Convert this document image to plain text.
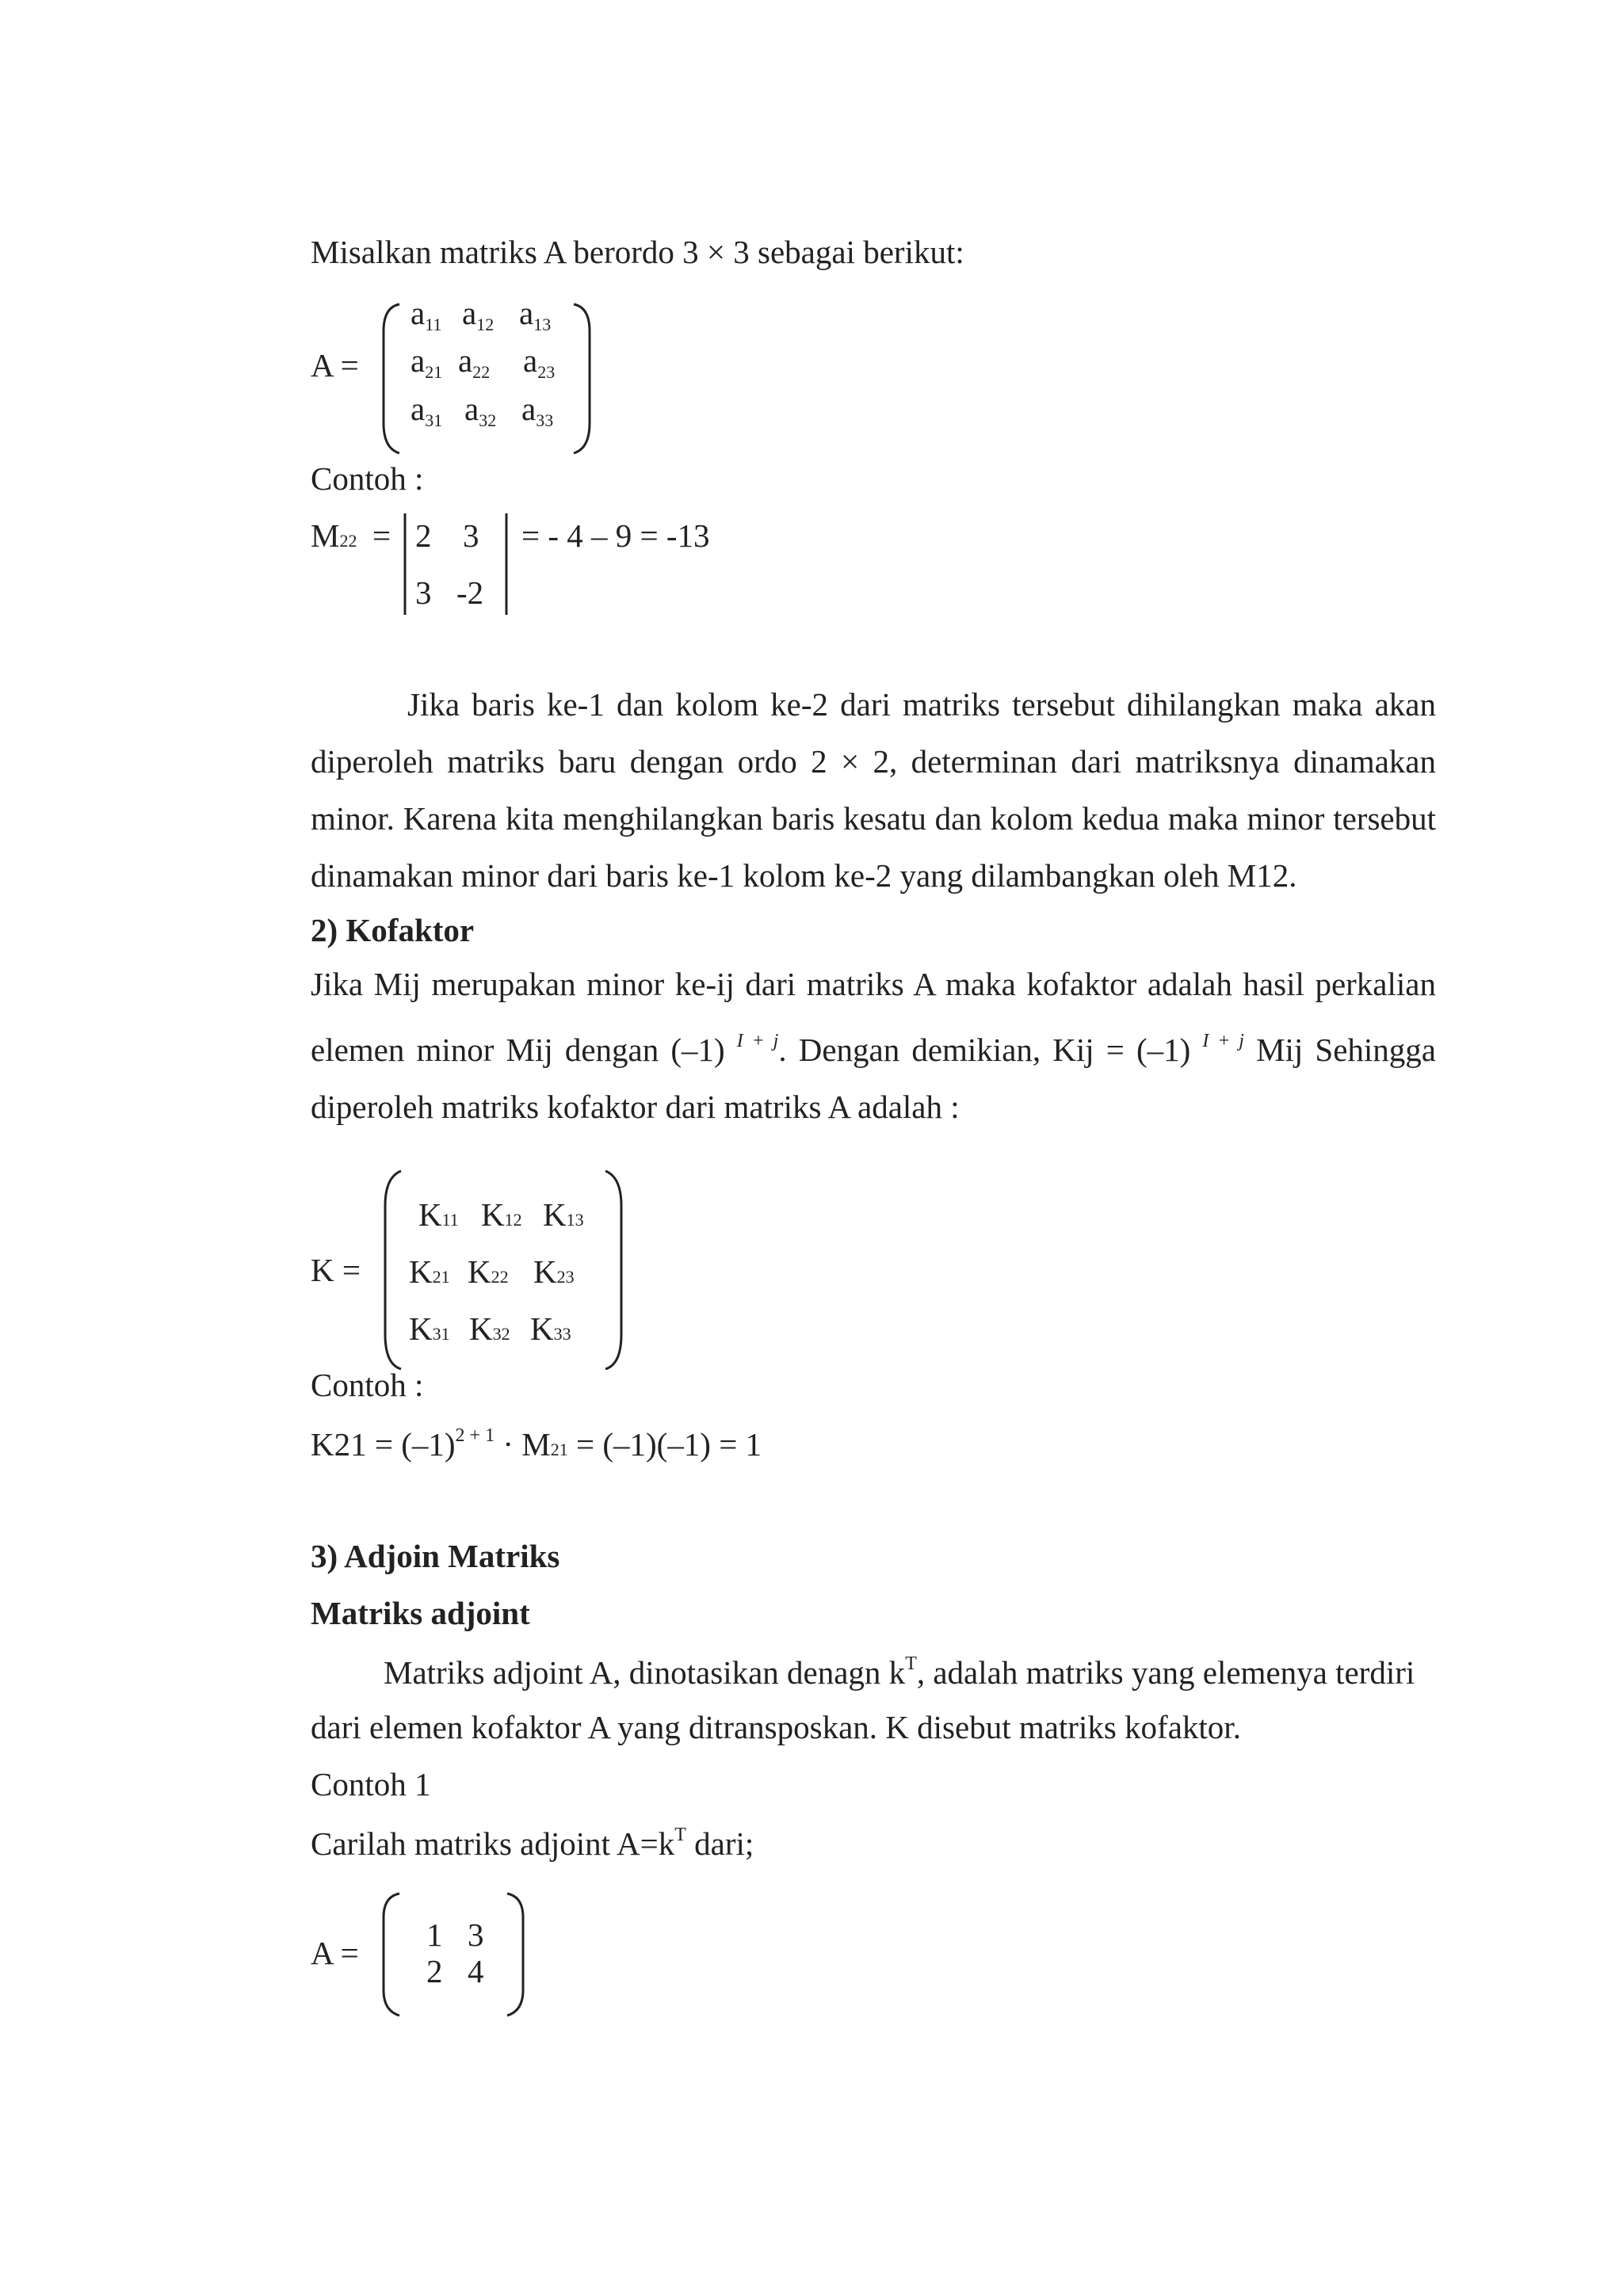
Misalkan matriks A berordo 3 × 3 sebagai berikut:
A =
a11 a12 a13
a21 a22 a23
a31 a32 a33
Contoh :
M22 = 2 3
3 -2
= - 4 – 9 = -13
Jika baris ke-1 dan kolom ke-2 dari matriks tersebut dihilangkan maka akan diperoleh matriks baru dengan ordo 2 × 2, determinan dari matriksnya dinamakan minor. Karena kita menghilangkan baris kesatu dan kolom kedua maka minor tersebut dinamakan minor dari baris ke-1 kolom ke-2 yang dilambangkan oleh M12.
2) Kofaktor
Jika Mij merupakan minor ke-ij dari matriks A maka kofaktor adalah hasil perkalian
elemen minor Mij dengan (–1) $^{I + j}$. Dengan demikian, Kij = (–1) $^{I + j}$ Mij Sehingga
diperoleh matriks kofaktor dari matriks A adalah :
K =
K11 K12 K13
K21 K22 K23
K31 K32 K33
Contoh :
$K21 = (-1)^{2 + 1} \cdot M21 = (-1)(-1) = 1$
3) Adjoin Matriks
Matriks adjoint
Matriks adjoint A, dinotasikan denagn $k^T$, adalah matriks yang elemenya terdiri
dari elemen kofaktor A yang ditransposkan. K disebut matriks kofaktor.
Contoh 1
Carilah matriks adjoint $A=k^T$ dari;
A = 1 3
2 4
